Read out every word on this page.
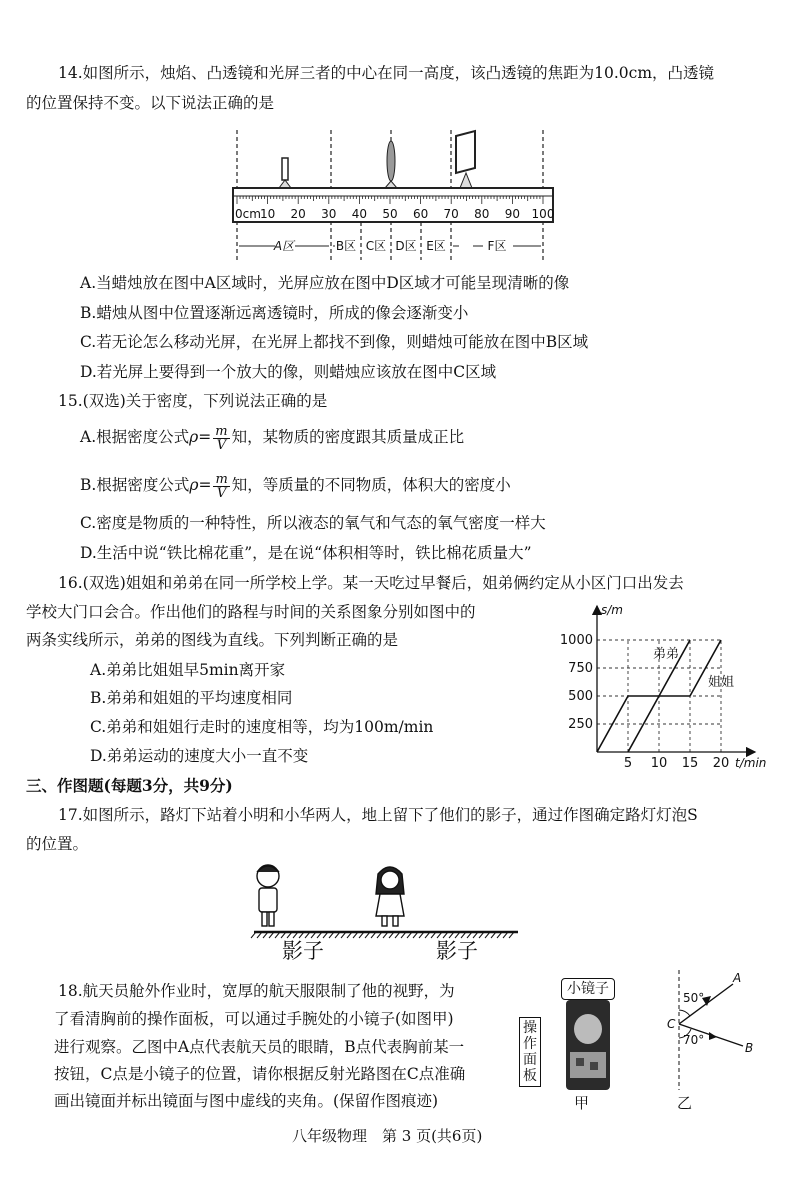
14.如图所示，烛焰、凸透镜和光屏三者的中心在同一高度，该凸透镜的焦距为10.0cm，凸透镜
的位置保持不变。以下说法正确的是
0cm 10 20 30 40 50 60 70 80 90 100
A区	B区 C区 D区 E区	F区
A.当蜡烛放在图中A区域时，光屏应放在图中D区域才可能呈现清晰的像
B.蜡烛从图中位置逐渐远离透镜时，所成的像会逐渐变小
C.若无论怎么移动光屏，在光屏上都找不到像，则蜡烛可能放在图中B区域
D.若光屏上要得到一个放大的像，则蜡烛应该放在图中C区域
15.(双选)关于密度，下列说法正确的是
A.根据密度公式$\rho= \frac{m}{V}$ 知，某物质的密度跟其质量成正比
B.根据密度公式$\rho= \frac{m}{V}$ 知，等质量的不同物质，体积大的密度小
C.密度是物质的一种特性，所以液态的氧气和气态的氧气密度一样大
D.生活中说“铁比棉花重”，是在说“体积相等时，铁比棉花质量大”
16.(双选)姐姐和弟弟在同一所学校上学。某一天吃过早餐后，姐弟俩约定从小区门口出发去
学校大门口会合。作出他们的路程与时间的关系图象分别如图中的
两条实线所示，弟弟的图线为直线。下列判断正确的是
A.弟弟比姐姐早5min离开家
B.弟弟和姐姐的平均速度相同
C.弟弟和姐姐行走时的速度相等，均为100m/min
D.弟弟运动的速度大小一直不变
250
500
750
1000
5 10 15 20
s/m
t/min
弟弟
姐姐
三、作图题(每题3分，共9分)
17.如图所示，路灯下站着小明和小华两人，地上留下了他们的影子，通过作图确定路灯灯泡S
的位置。
影子	影子
18.航天员舱外作业时，宽厚的航天服限制了他的视野，为
了看清胸前的操作面板，可以通过手腕处的小镜子(如图甲)
进行观察。乙图中A点代表航天员的眼睛，B点代表胸前某一
按钮，C点是小镜子的位置，请你根据反射光路图在C点准确
画出镜面并标出镜面与图中虚线的夹角。(保留作图痕迹)
小镜子
操作面板
甲
A
B
C
50°
70°
乙
八年级物理　第 3 页(共6页)
